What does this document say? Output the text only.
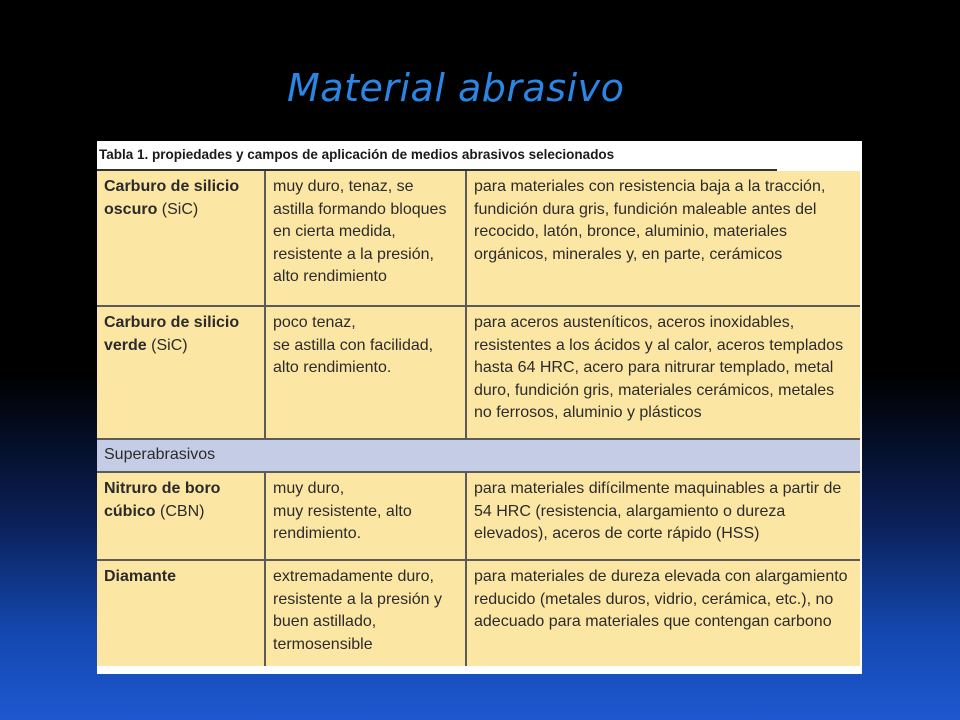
Material abrasivo
Tabla 1. propiedades y campos de aplicación de medios abrasivos selecionados
Carburo de silicio oscuro (SiC)
muy duro, tenaz, se astilla formando bloques en cierta medida, resistente a la presión, alto rendimiento
para materiales con resistencia baja a la tracción, fundición dura gris, fundición maleable antes del recocido, latón, bronce, aluminio, materiales orgánicos, minerales y, en parte, cerámicos
Carburo de silicio verde (SiC)
poco tenaz,
se astilla con facilidad,
alto rendimiento.
para aceros austeníticos, aceros inoxidables, resistentes a los ácidos y al calor, aceros templados hasta 64 HRC, acero para nitrurar templado, metal duro, fundición gris, materiales cerámicos, metales no ferrosos, aluminio y plásticos
Superabrasivos
Nitruro de boro cúbico (CBN)
muy duro,
muy resistente, alto rendimiento.
para materiales difícilmente maquinables a partir de 54 HRC (resistencia, alargamiento o dureza elevados), aceros de corte rápido (HSS)
Diamante	extremadamente duro, resistente a la presión y buen astillado, termosensible
para materiales de dureza elevada con alargamiento reducido (metales duros, vidrio, cerámica, etc.), no adecuado para materiales que contengan carbono
